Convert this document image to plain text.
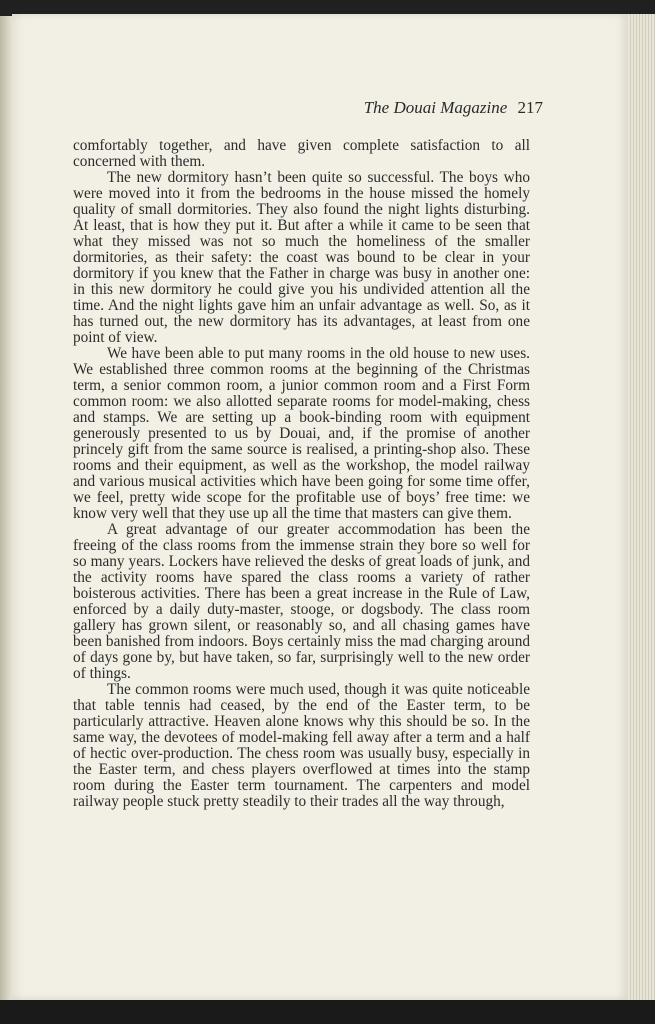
The Douai Magazine 217

comfortably together, and have given complete satisfaction to all concerned with them.

The new dormitory hasn’t been quite so successful. The boys who were moved into it from the bedrooms in the house missed the homely quality of small dormitories. They also found the night lights disturbing. At least, that is how they put it. But after a while it came to be seen that what they missed was not so much the homeliness of the smaller dormitories, as their safety: the coast was bound to be clear in your dormitory if you knew that the Father in charge was busy in another one: in this new dormitory he could give you his undivided attention all the time. And the night lights gave him an unfair advantage as well. So, as it has turned out, the new dormitory has its advantages, at least from one point of view.

We have been able to put many rooms in the old house to new uses. We established three common rooms at the beginning of the Christmas term, a senior common room, a junior common room and a First Form common room: we also allotted separate rooms for model-making, chess and stamps. We are setting up a book-binding room with equipment generously presented to us by Douai, and, if the promise of another princely gift from the same source is realised, a printing-shop also. These rooms and their equipment, as well as the workshop, the model railway and various musical activities which have been going for some time offer, we feel, pretty wide scope for the profitable use of boys’ free time: we know very well that they use up all the time that masters can give them.

A great advantage of our greater accommodation has been the freeing of the class rooms from the immense strain they bore so well for so many years. Lockers have relieved the desks of great loads of junk, and the activity rooms have spared the class rooms a variety of rather boisterous activities. There has been a great increase in the Rule of Law, enforced by a daily duty-master, stooge, or dogsbody. The class room gallery has grown silent, or reasonably so, and all chasing games have been banished from indoors. Boys certainly miss the mad charging around of days gone by, but have taken, so far, surprisingly well to the new order of things.

The common rooms were much used, though it was quite noticeable that table tennis had ceased, by the end of the Easter term, to be particularly attractive. Heaven alone knows why this should be so. In the same way, the devotees of model-making fell away after a term and a half of hectic over-production. The chess room was usually busy, especially in the Easter term, and chess players overflowed at times into the stamp room during the Easter term tournament. The carpenters and model railway people stuck pretty steadily to their trades all the way through,
